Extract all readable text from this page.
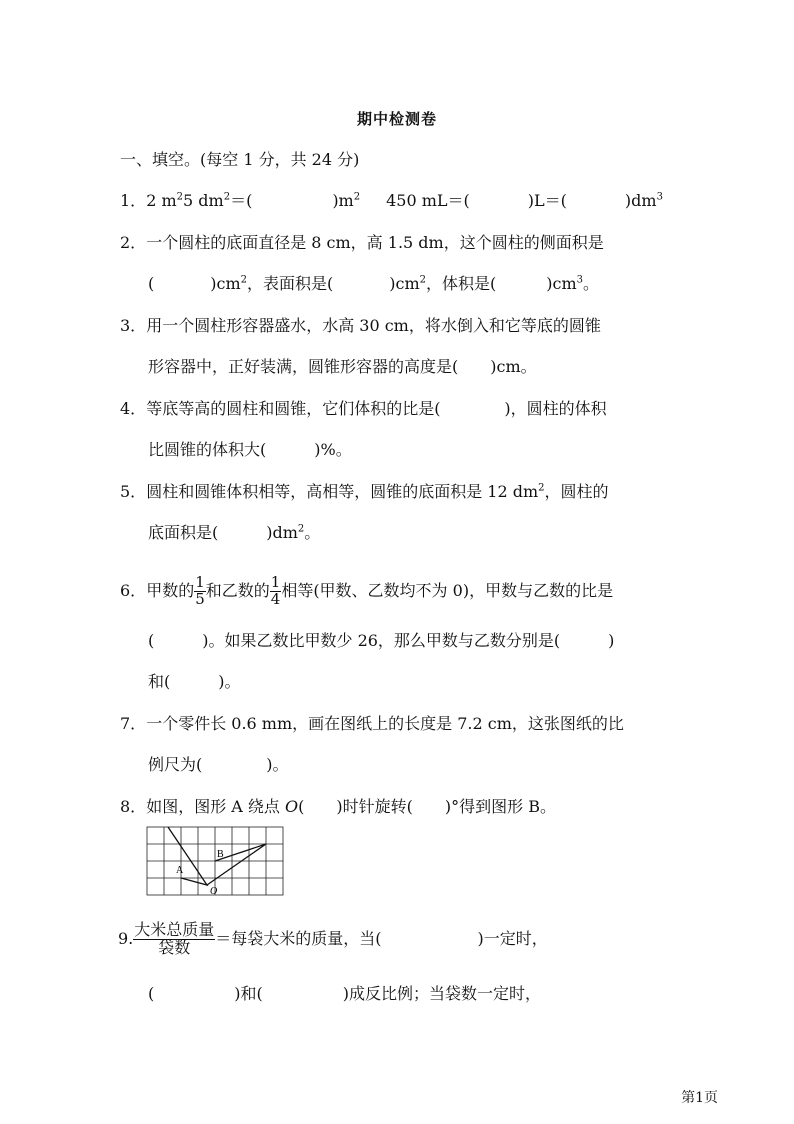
期中检测卷
一、填空。(每空 1 分，共 24 分)
1．2 $m^25$ $dm^2=$(	)$m^2$ 450 mL＝(	)L＝(	)$dm^3$
2．一个圆柱的底面直径是 8 cm，高 1.5 dm，这个圆柱的侧面积是
(	)$cm^2$，表面积是(	)$cm^2$，体积是(	)$cm^3$。
3．用一个圆柱形容器盛水，水高 30 cm，将水倒入和它等底的圆锥
形容器中，正好装满，圆锥形容器的高度是(　　)cm。
4．等底等高的圆柱和圆锥，它们体积的比是(　　　　)，圆柱的体积
比圆锥的体积大(　　　)%。
5．圆柱和圆锥体积相等，高相等，圆锥的底面积是 12 $dm^2$，圆柱的
底面积是(　　　)$dm^2$。
6．甲数的 $\frac{1}{5}$ 和乙数的 $\frac{1}{4}$ 相等(甲数、乙数均不为 0)，甲数与乙数的比是
(　　　)。如果乙数比甲数少 26，那么甲数与乙数分别是(　　　)
和(　　　)。
7．一个零件长 0.6 mm，画在图纸上的长度是 7.2 cm，这张图纸的比
例尺为(　　　　)。
8．如图，图形 A 绕点 O(　　)时针旋转(　　)°得到图形 B。
A
B
O
9. $\frac{\text{大米总质量}}{\text{袋数}}$ ＝每袋大米的质量，当(　　　　　　)一定时，
(　　　　　)和(　　　　　)成反比例；当袋数一定时，
第1页
